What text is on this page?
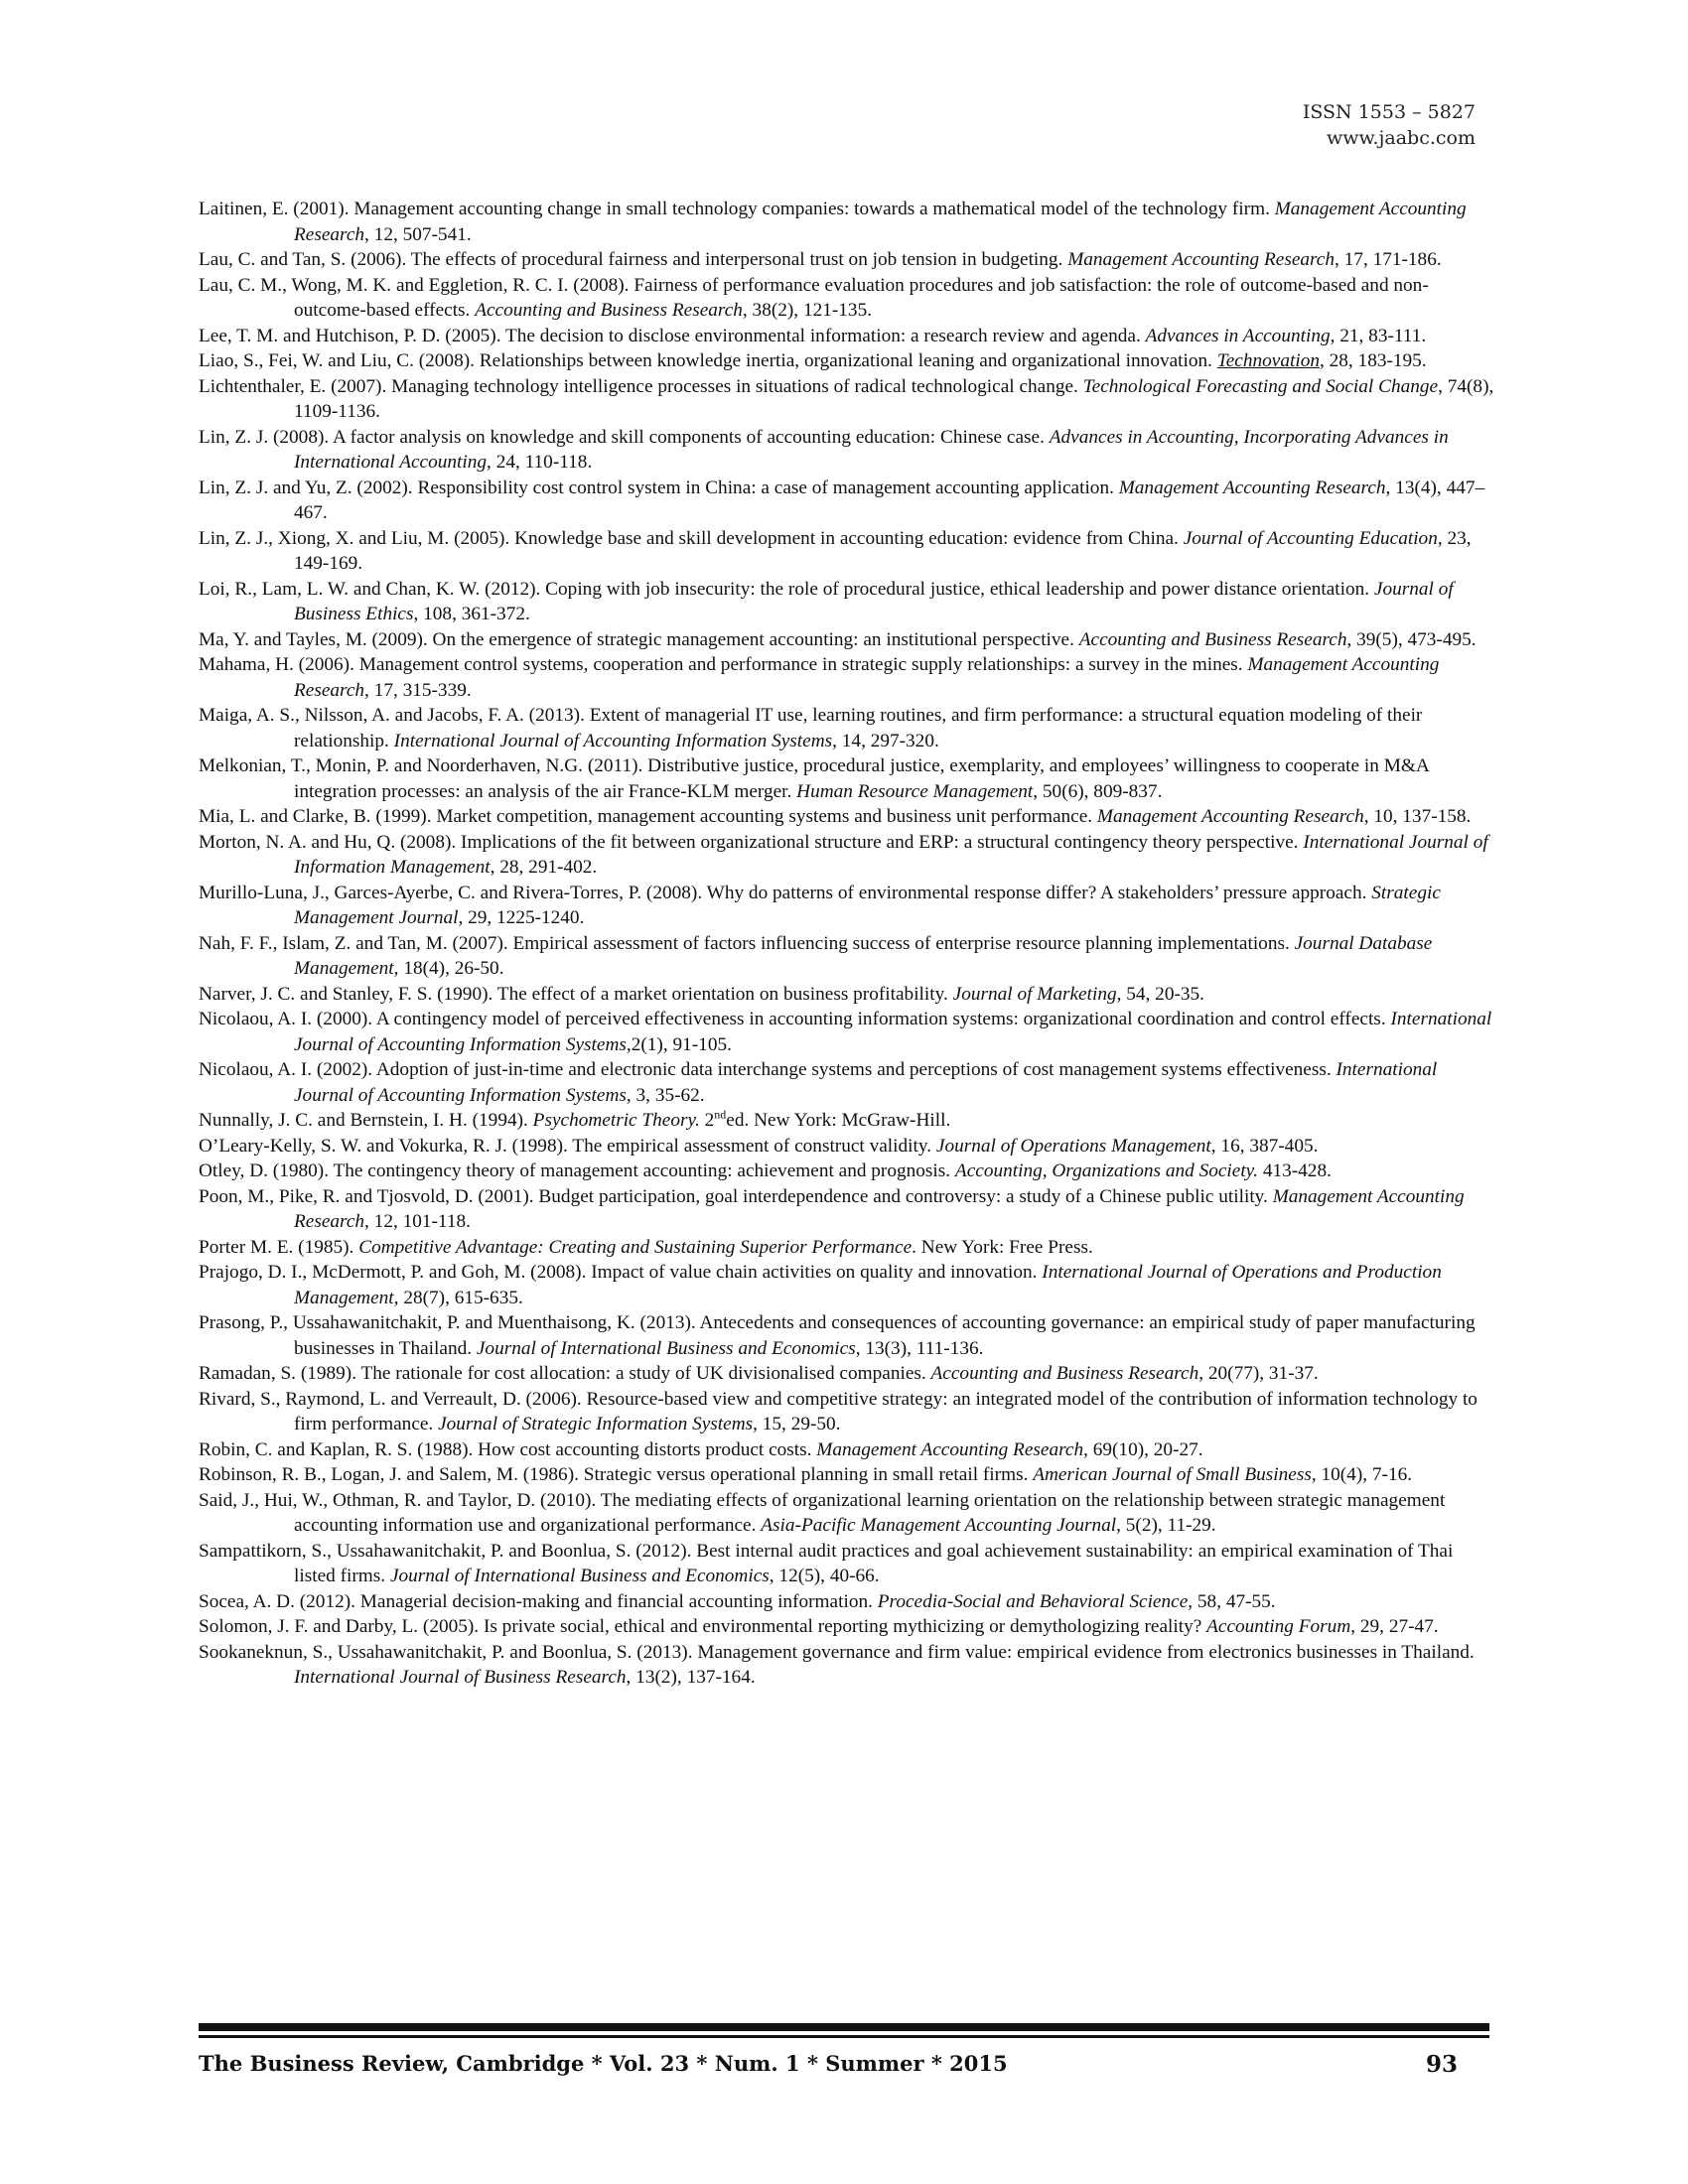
ISSN 1553 – 5827
www.jaabc.com

Laitinen, E. (2001). Management accounting change in small technology companies: towards a mathematical model of the technology firm. Management Accounting Research, 12, 507-541.

Lau, C. and Tan, S. (2006). The effects of procedural fairness and interpersonal trust on job tension in budgeting. Management Accounting Research, 17, 171-186.

Lau, C. M., Wong, M. K. and Eggletion, R. C. I. (2008). Fairness of performance evaluation procedures and job satisfaction: the role of outcome-based and non-outcome-based effects. Accounting and Business Research, 38(2), 121-135.

Lee, T. M. and Hutchison, P. D. (2005). The decision to disclose environmental information: a research review and agenda. Advances in Accounting, 21, 83-111.

Liao, S., Fei, W. and Liu, C. (2008). Relationships between knowledge inertia, organizational leaning and organizational innovation. Technovation, 28, 183-195.

Lichtenthaler, E. (2007). Managing technology intelligence processes in situations of radical technological change. Technological Forecasting and Social Change, 74(8), 1109-1136.

Lin, Z. J. (2008). A factor analysis on knowledge and skill components of accounting education: Chinese case. Advances in Accounting, Incorporating Advances in International Accounting, 24, 110-118.

Lin, Z. J. and Yu, Z. (2002). Responsibility cost control system in China: a case of management accounting application. Management Accounting Research, 13(4), 447–467.

Lin, Z. J., Xiong, X. and Liu, M. (2005). Knowledge base and skill development in accounting education: evidence from China. Journal of Accounting Education, 23, 149-169.

Loi, R., Lam, L. W. and Chan, K. W. (2012). Coping with job insecurity: the role of procedural justice, ethical leadership and power distance orientation. Journal of Business Ethics, 108, 361-372.

Ma, Y. and Tayles, M. (2009). On the emergence of strategic management accounting: an institutional perspective. Accounting and Business Research, 39(5), 473-495.

Mahama, H. (2006). Management control systems, cooperation and performance in strategic supply relationships: a survey in the mines. Management Accounting Research, 17, 315-339.

Maiga, A. S., Nilsson, A. and Jacobs, F. A. (2013). Extent of managerial IT use, learning routines, and firm performance: a structural equation modeling of their relationship. International Journal of Accounting Information Systems, 14, 297-320.

Melkonian, T., Monin, P. and Noorderhaven, N.G. (2011). Distributive justice, procedural justice, exemplarity, and employees’ willingness to cooperate in M&A integration processes: an analysis of the air France-KLM merger. Human Resource Management, 50(6), 809-837.

Mia, L. and Clarke, B. (1999). Market competition, management accounting systems and business unit performance. Management Accounting Research, 10, 137-158.

Morton, N. A. and Hu, Q. (2008). Implications of the fit between organizational structure and ERP: a structural contingency theory perspective. International Journal of Information Management, 28, 291-402.

Murillo-Luna, J., Garces-Ayerbe, C. and Rivera-Torres, P. (2008). Why do patterns of environmental response differ? A stakeholders’ pressure approach. Strategic Management Journal, 29, 1225-1240.

Nah, F. F., Islam, Z. and Tan, M. (2007). Empirical assessment of factors influencing success of enterprise resource planning implementations. Journal Database Management, 18(4), 26-50.

Narver, J. C. and Stanley, F. S. (1990). The effect of a market orientation on business profitability. Journal of Marketing, 54, 20-35.

Nicolaou, A. I. (2000). A contingency model of perceived effectiveness in accounting information systems: organizational coordination and control effects. International Journal of Accounting Information Systems,2(1), 91-105.

Nicolaou, A. I. (2002). Adoption of just-in-time and electronic data interchange systems and perceptions of cost management systems effectiveness. International Journal of Accounting Information Systems, 3, 35-62.

Nunnally, J. C. and Bernstein, I. H. (1994). Psychometric Theory. 2nded. New York: McGraw-Hill.

O’Leary-Kelly, S. W. and Vokurka, R. J. (1998). The empirical assessment of construct validity. Journal of Operations Management, 16, 387-405.

Otley, D. (1980). The contingency theory of management accounting: achievement and prognosis. Accounting, Organizations and Society. 413-428.

Poon, M., Pike, R. and Tjosvold, D. (2001). Budget participation, goal interdependence and controversy: a study of a Chinese public utility. Management Accounting Research, 12, 101-118.

Porter M. E. (1985). Competitive Advantage: Creating and Sustaining Superior Performance. New York: Free Press.

Prajogo, D. I., McDermott, P. and Goh, M. (2008). Impact of value chain activities on quality and innovation. International Journal of Operations and Production Management, 28(7), 615-635.

Prasong, P., Ussahawanitchakit, P. and Muenthaisong, K. (2013). Antecedents and consequences of accounting governance: an empirical study of paper manufacturing businesses in Thailand. Journal of International Business and Economics, 13(3), 111-136.

Ramadan, S. (1989). The rationale for cost allocation: a study of UK divisionalised companies. Accounting and Business Research, 20(77), 31-37.

Rivard, S., Raymond, L. and Verreault, D. (2006). Resource-based view and competitive strategy: an integrated model of the contribution of information technology to firm performance. Journal of Strategic Information Systems, 15, 29-50.

Robin, C. and Kaplan, R. S. (1988). How cost accounting distorts product costs. Management Accounting Research, 69(10), 20-27.

Robinson, R. B., Logan, J. and Salem, M. (1986). Strategic versus operational planning in small retail firms. American Journal of Small Business, 10(4), 7-16.

Said, J., Hui, W., Othman, R. and Taylor, D. (2010). The mediating effects of organizational learning orientation on the relationship between strategic management accounting information use and organizational performance. Asia-Pacific Management Accounting Journal, 5(2), 11-29.

Sampattikorn, S., Ussahawanitchakit, P. and Boonlua, S. (2012). Best internal audit practices and goal achievement sustainability: an empirical examination of Thai listed firms. Journal of International Business and Economics, 12(5), 40-66.

Socea, A. D. (2012). Managerial decision-making and financial accounting information. Procedia-Social and Behavioral Science, 58, 47-55.

Solomon, J. F. and Darby, L. (2005). Is private social, ethical and environmental reporting mythicizing or demythologizing reality? Accounting Forum, 29, 27-47.

Sookaneknun, S., Ussahawanitchakit, P. and Boonlua, S. (2013). Management governance and firm value: empirical evidence from electronics businesses in Thailand. International Journal of Business Research, 13(2), 137-164.

The Business Review, Cambridge * Vol. 23 * Num. 1 * Summer * 2015	93
